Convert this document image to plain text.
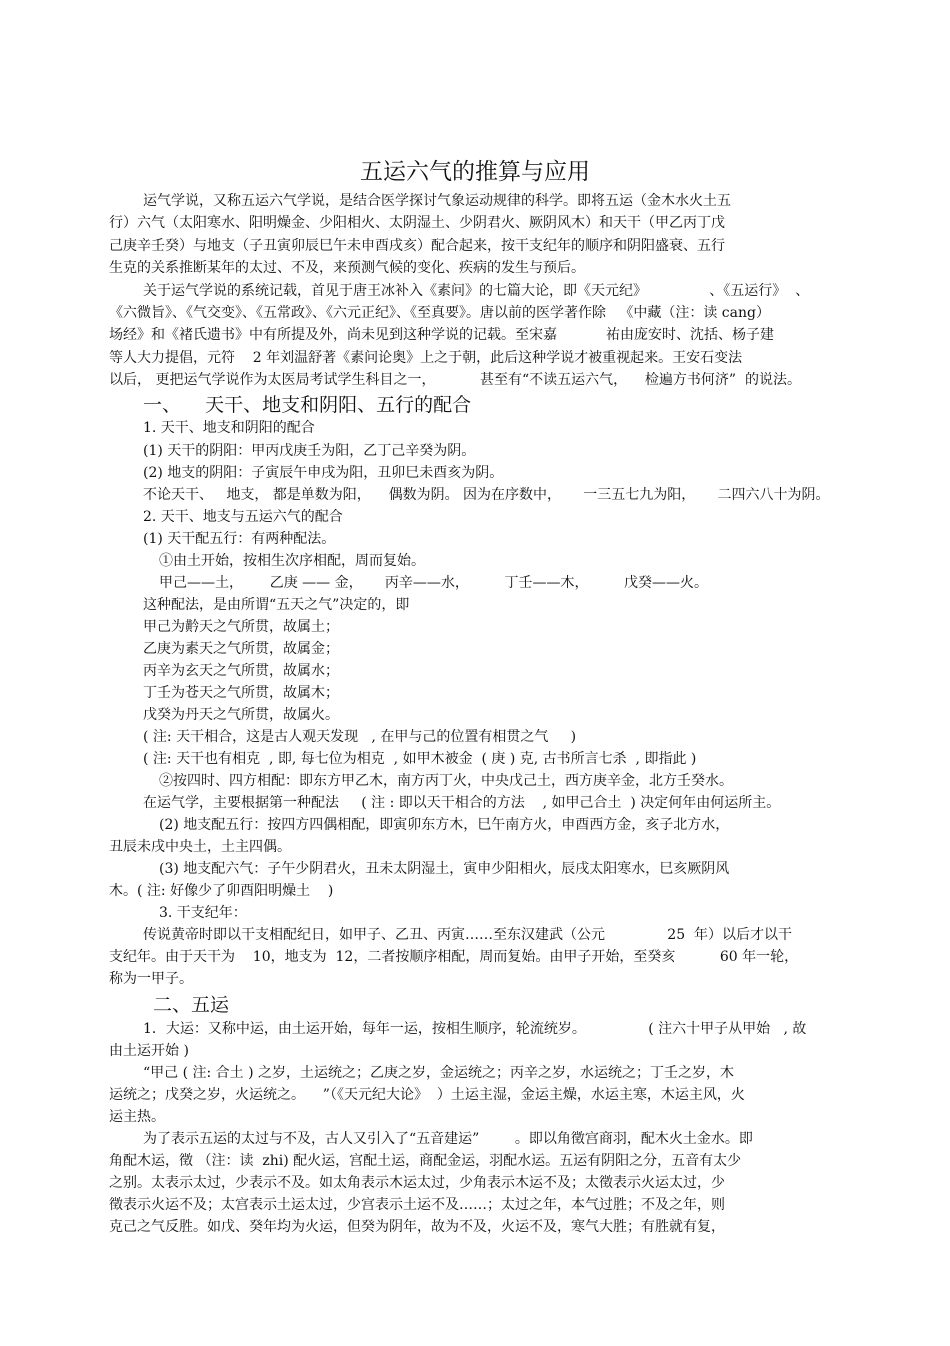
五运六气的推算与应用
运气学说，又称五运六气学说，是结合医学探讨气象运动规律的科学。即将五运（金木水火土五
行）六气（太阳寒水、阳明燥金、少阳相火、太阴湿土、少阴君火、厥阴风木）和天干（甲乙丙丁戊
己庚辛壬癸）与地支（子丑寅卯辰巳午未申酉戌亥）配合起来，按干支纪年的顺序和阴阳盛衰、五行
生克的关系推断某年的太过、不及，来预测气候的变化、疾病的发生与预后。
关于运气学说的系统记载，首见于唐王冰补入《素问》的七篇大论，即《天元纪》              、《五运行》  、
《六微旨》、《气交变》、《五常政》、《六元正纪》、《至真要》。唐以前的医学著作除   《中藏（注：读 cang）
场经》和《褚氏遗书》中有所提及外，尚未见到这种学说的记载。至宋嘉           祐由庞安时、沈括、杨子建
等人大力提倡，元符    2 年刘温舒著《素问论奥》上之于朝，此后这种学说才被重视起来。王安石变法
以后， 更把运气学说作为太医局考试学生科目之一，          甚至有“不读五运六气，    检遍方书何济”  的说法。
一、    天干、地支和阴阳、五行的配合
1. 天干、地支和阴阳的配合
(1) 天干的阴阳：甲丙戊庚壬为阳，乙丁己辛癸为阴。
(2) 地支的阴阳：子寅辰午申戌为阳，丑卯巳未酉亥为阴。
不论天干、   地支， 都是单数为阳，    偶数为阴。 因为在序数中，     一三五七九为阳，     二四六八十为阴。
2. 天干、地支与五运六气的配合
(1) 天干配五行：有两种配法。
①由土开始，按相生次序相配，周而复始。
甲己——土，      乙庚 —— 金，     丙辛——水，        丁壬——木，        戊癸——火。
这种配法，是由所谓“五天之气”决定的，即
甲己为黅天之气所贯，故属土；
乙庚为素天之气所贯，故属金；
丙辛为玄天之气所贯，故属水；
丁壬为苍天之气所贯，故属木；
戊癸为丹天之气所贯，故属火。
( 注: 天干相合，这是古人观天发现   , 在甲与己的位置有相贯之气     )
( 注: 天干也有相克  , 即, 每七位为相克  , 如甲木被金  ( 庚 ) 克, 古书所言七杀  , 即指此 )
②按四时、四方相配：即东方甲乙木，南方丙丁火，中央戊己土，西方庚辛金，北方壬癸水。
在运气学，主要根据第一种配法     ( 注 : 即以天干相合的方法    , 如甲己合土  ) 决定何年由何运所主。
(2) 地支配五行：按四方四偶相配，即寅卯东方木，巳午南方火，申酉西方金，亥子北方水，
丑辰未戌中央土，土主四偶。
(3) 地支配六气：子午少阴君火，丑未太阴湿土，寅申少阳相火，辰戌太阳寒水，巳亥厥阴风
木。( 注: 好像少了卯酉阳明燥土    )
3. 干支纪年：
传说黄帝时即以干支相配纪日，如甲子、乙丑、丙寅……至东汉建武（公元              25  年）以后才以干
支纪年。由于天干为    10，地支为  12，二者按顺序相配，周而复始。由甲子开始，至癸亥          60 年一轮，
称为一甲子。
二、五运
1．大运：又称中运，由土运开始，每年一运，按相生顺序，轮流统岁。              ( 注六十甲子从甲始   , 故
由土运开始 )
“甲己 ( 注: 合土 ) 之岁，土运统之；乙庚之岁，金运统之；丙辛之岁，水运统之；丁壬之岁，木
运统之；戊癸之岁，火运统之。    ”（《天元纪大论》  ）土运主湿，金运主燥，水运主寒，木运主风，火
运主热。
为了表示五运的太过与不及，古人又引入了“五音建运”        。即以角徵宫商羽，配木火土金水。即
角配木运，徵 （注：读  zhi) 配火运，宫配土运，商配金运，羽配水运。五运有阴阳之分，五音有太少
之别。太表示太过，少表示不及。如太角表示木运太过，少角表示木运不及；太徵表示火运太过，少
徵表示火运不及；太宫表示土运太过，少宫表示土运不及……；太过之年，本气过胜；不及之年，则
克己之气反胜。如戊、癸年均为火运，但癸为阴年，故为不及，火运不及，寒气大胜；有胜就有复，
